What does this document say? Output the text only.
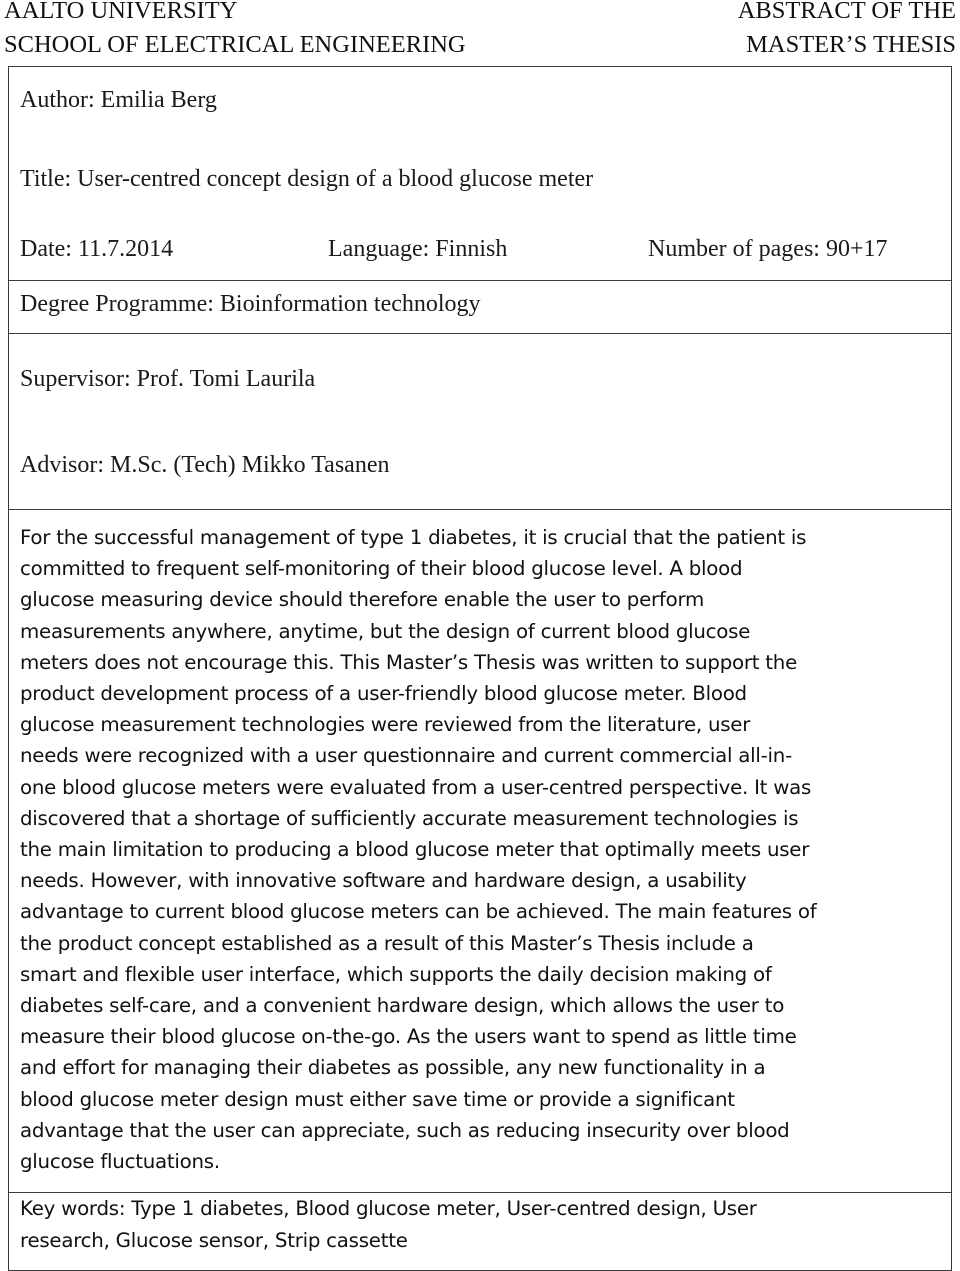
AALTO UNIVERSITY
SCHOOL OF ELECTRICAL ENGINEERING
ABSTRACT OF THE
MASTER’S THESIS
Author: Emilia Berg
Title: User-centred concept design of a blood glucose meter
Date: 11.7.2014	Language: Finnish	Number of pages: 90+17
Degree Programme: Bioinformation technology
Supervisor: Prof. Tomi Laurila
Advisor: M.Sc. (Tech) Mikko Tasanen
For the successful management of type 1 diabetes, it is crucial that the patient is
committed to frequent self-monitoring of their blood glucose level. A blood
glucose measuring device should therefore enable the user to perform
measurements anywhere, anytime, but the design of current blood glucose
meters does not encourage this. This Master’s Thesis was written to support the
product development process of a user-friendly blood glucose meter. Blood
glucose measurement technologies were reviewed from the literature, user
needs were recognized with a user questionnaire and current commercial all-in-
one blood glucose meters were evaluated from a user-centred perspective. It was
discovered that a shortage of sufficiently accurate measurement technologies is
the main limitation to producing a blood glucose meter that optimally meets user
needs. However, with innovative software and hardware design, a usability
advantage to current blood glucose meters can be achieved. The main features of
the product concept established as a result of this Master’s Thesis include a
smart and flexible user interface, which supports the daily decision making of
diabetes self-care, and a convenient hardware design, which allows the user to
measure their blood glucose on-the-go. As the users want to spend as little time
and effort for managing their diabetes as possible, any new functionality in a
blood glucose meter design must either save time or provide a significant
advantage that the user can appreciate, such as reducing insecurity over blood
glucose fluctuations.
Key words: Type 1 diabetes, Blood glucose meter, User-centred design, User
research, Glucose sensor, Strip cassette
